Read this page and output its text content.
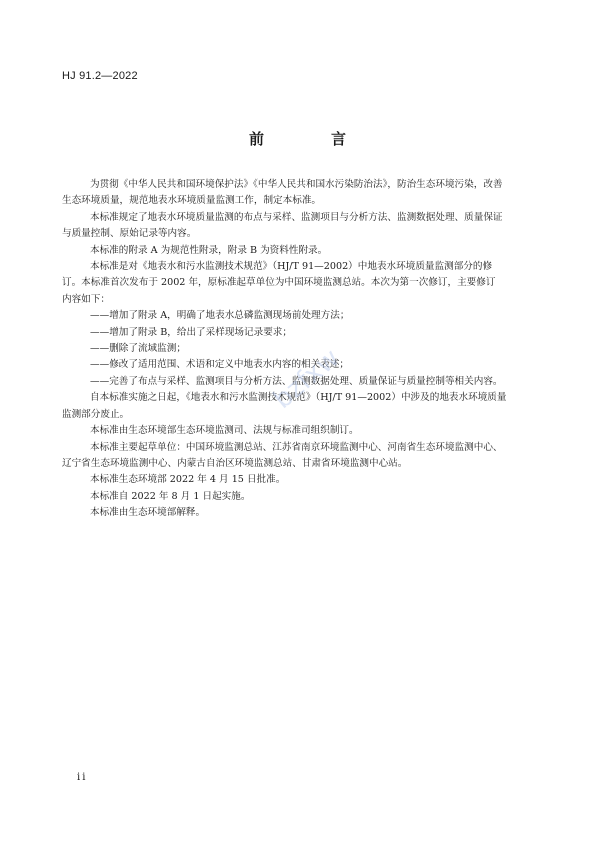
HJ 91.2—2022
前　言

为贯彻《中华人民共和国环境保护法》《中华人民共和国水污染防治法》，防治生态环境污染，改善
生态环境质量，规范地表水环境质量监测工作，制定本标准。

本标准规定了地表水环境质量监测的布点与采样、监测项目与分析方法、监测数据处理、质量保证
与质量控制、原始记录等内容。

本标准的附录 A 为规范性附录，附录 B 为资料性附录。

本标准是对《地表水和污水监测技术规范》（HJ/T 91—2002）中地表水环境质量监测部分的修
订。本标准首次发布于 2002 年，原标准起草单位为中国环境监测总站。本次为第一次修订，主要修订
内容如下：

——增加了附录 A，明确了地表水总磷监测现场前处理方法；

——增加了附录 B，给出了采样现场记录要求；

——删除了流域监测；

——修改了适用范围、术语和定义中地表水内容的相关表述；

——完善了布点与采样、监测项目与分析方法、监测数据处理、质量保证与质量控制等相关内容。

自本标准实施之日起，《地表水和污水监测技术规范》（HJ/T 91—2002）中涉及的地表水环境质量
监测部分废止。

本标准由生态环境部生态环境监测司、法规与标准司组织制订。

本标准主要起草单位：中国环境监测总站、江苏省南京环境监测中心、河南省生态环境监测中心、
辽宁省生态环境监测中心、内蒙古自治区环境监测总站、甘肃省环境监测中心站。

本标准生态环境部 2022 年 4 月 15 日批准。

本标准自 2022 年 8 月 1 日起实施。

本标准由生态环境部解释。

bzfxw
ii
